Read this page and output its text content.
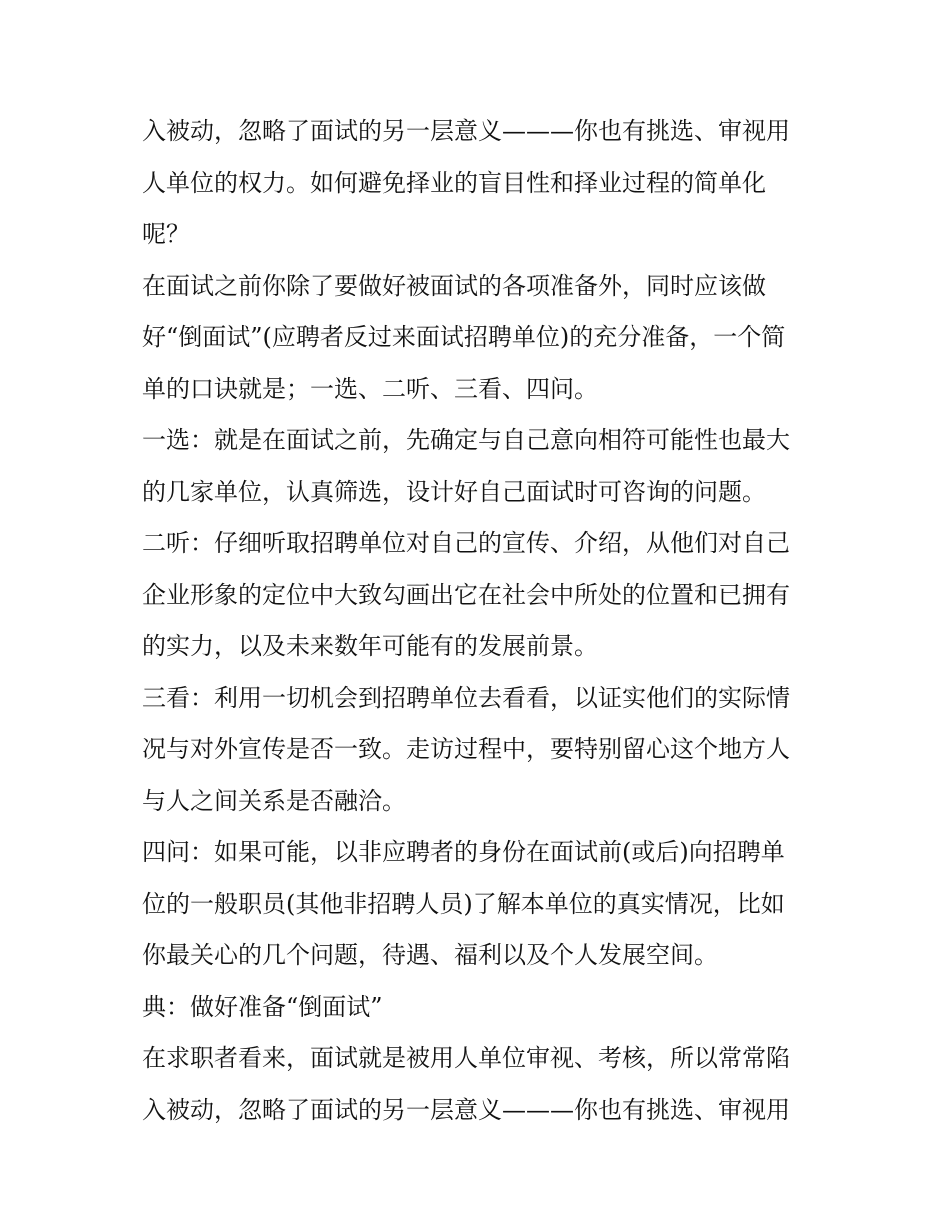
入被动，忽略了面试的另一层意义———你也有挑选、审视用
人单位的权力。如何避免择业的盲目性和择业过程的简单化
呢？
在面试之前你除了要做好被面试的各项准备外，同时应该做
好“倒面试”(应聘者反过来面试招聘单位)的充分准备，一个简
单的口诀就是；一选、二听、三看、四问。
一选：就是在面试之前，先确定与自己意向相符可能性也最大
的几家单位，认真筛选，设计好自己面试时可咨询的问题。
二听：仔细听取招聘单位对自己的宣传、介绍，从他们对自己
企业形象的定位中大致勾画出它在社会中所处的位置和已拥有
的实力，以及未来数年可能有的发展前景。
三看：利用一切机会到招聘单位去看看，以证实他们的实际情
况与对外宣传是否一致。走访过程中，要特别留心这个地方人
与人之间关系是否融洽。
四问：如果可能，以非应聘者的身份在面试前(或后)向招聘单
位的一般职员(其他非招聘人员)了解本单位的真实情况，比如
你最关心的几个问题，待遇、福利以及个人发展空间。
典：做好准备“倒面试”
在求职者看来，面试就是被用人单位审视、考核，所以常常陷
入被动，忽略了面试的另一层意义———你也有挑选、审视用
